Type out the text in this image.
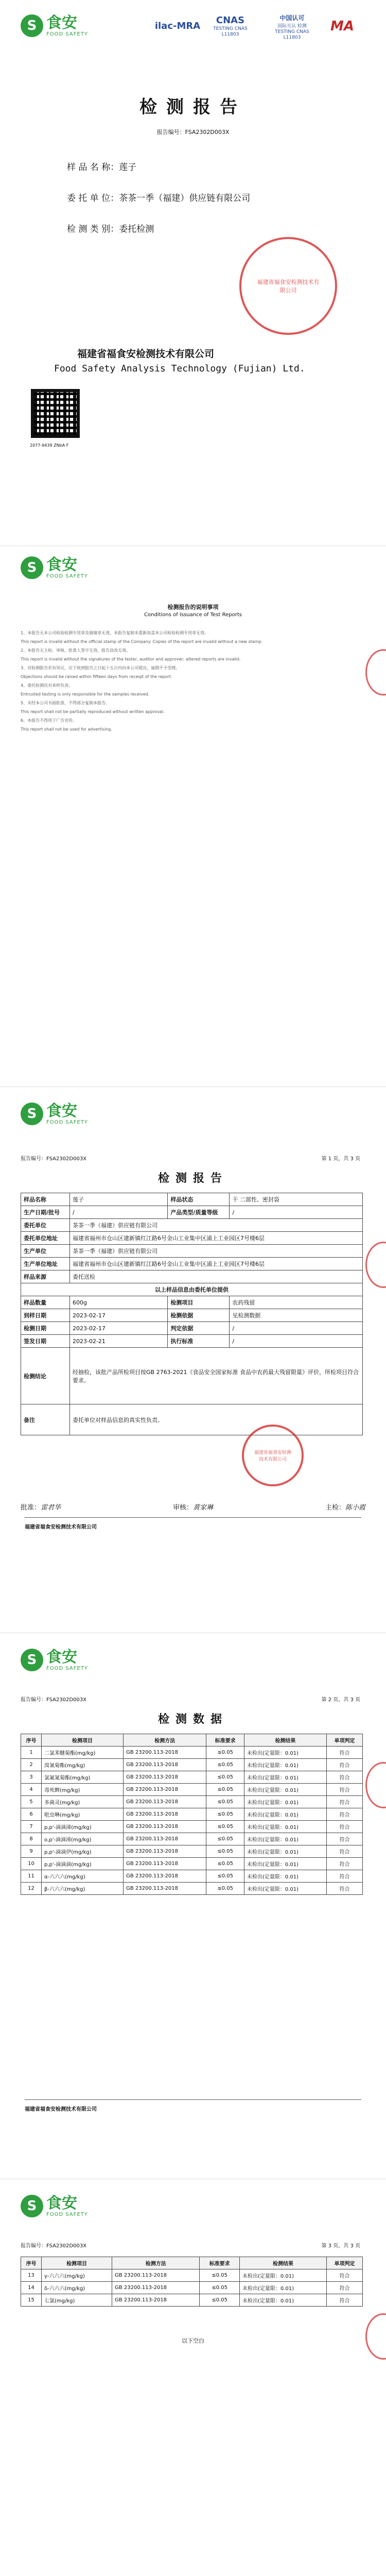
S 食安
FOOD SAFETY
ilac-MRA
CNAS
TESTING CNAS L11803
中国认可
国际互认 检测 TESTING CNAS L11803
MA
检测报告
报告编号：FSA2302D003X
样 品 名 称：莲子
委 托 单 位：茶茶一季（福建）供应链有限公司
检 测 类 别：委托检测
福建省福食安检测技术有限公司
福建省福食安检测技术有限公司
Food Safety Analysis Technology (Fujian) Ltd.
2077-9439 ZNbA F
S 食安
FOOD SAFETY
检测报告的说明事项
Conditions of Issuance of Test Reports
1、本报告无本公司检验检测专用章及骑缝章无效，本报告复制未重新加盖本公司检验检测专用章无效。
This report is invalid without the official stamp of the Company. Copies of the report are invalid without a new stamp.
2、本报告无主检、审核、批准人签字无效，报告涂改无效。
This report is invalid without the signatures of the tester, auditor and approver; altered reports are invalid.
3、对检测报告若有异议，应于收到报告之日起十五日内向本公司提出，逾期不予受理。
Objections should be raised within fifteen days from receipt of the report.
4、委托检测仅对来样负责。
Entrusted testing is only responsible for the samples received.
5、未经本公司书面批准，不得部分复制本报告。
This report shall not be partially reproduced without written approval.
6、本报告不得用于广告宣传。
This report shall not be used for advertising.
S 食安
FOOD SAFETY
报告编号：FSA2302D003X	第 1 页，共 3 页
检测报告
样品名称	莲子	样品状态	干 二部性、密封袋
生产日期/批号	/	产品类型/质量等级	/
委托单位	茶茶一季（福建）供应链有限公司		
委托单位地址	福建省福州市仓山区建新镇红江路6号金山工业集中区浦上工业园区7号楼6层		
生产单位	茶茶一季（福建）供应链有限公司		
生产单位地址	福建省福州市仓山区建新镇红江路6号金山工业集中区浦上工业园区7号楼6层		
样品来源	委托送检		
以上样品信息由委托单位提供			
样品数量	600g	检测项目	农药残留
到样日期	2023-02-17	检测依据	见检测数据
检测日期	2023-02-17	判定依据	/
签发日期	2023-02-21	执行标准	/
检测结论	经抽检，该批产品所检项目按GB 2763-2021《食品安全国家标准 食品中农药最大残留限量》评价，所检项目符合要求。		
备注	委托单位对样品信息的真实性负责。		
福建省福食安检测技术有限公司
批准：雷君华	审核：黄家琳	主检：陈小霞
福建省福食安检测技术有限公司
S 食安
FOOD SAFETY
报告编号：FSA2302D003X	第 2 页，共 3 页
检测数据
序号	检测项目	检测方法	标准要求	检测结果	单项判定
1	二氯苯醚菊酯(mg/kg)	GB 23200.113-2018	≤0.05	未检出(定量限：0.01)	符合
2	溴氰菊酯(mg/kg)	GB 23200.113-2018	≤0.05	未检出(定量限：0.01)	符合
3	氯氟氰菊酯(mg/kg)	GB 23200.113-2018	≤0.05	未检出(定量限：0.01)	符合
4	毒死蜱(mg/kg)	GB 23200.113-2018	≤0.05	未检出(定量限：0.01)	符合
5	多菌灵(mg/kg)	GB 23200.113-2018	≤0.05	未检出(定量限：0.01)	符合
6	吡虫啉(mg/kg)	GB 23200.113-2018	≤0.05	未检出(定量限：0.01)	符合
7	p,p'-滴滴涕(mg/kg)	GB 23200.113-2018	≤0.05	未检出(定量限：0.01)	符合
8	o,p'-滴滴涕(mg/kg)	GB 23200.113-2018	≤0.05	未检出(定量限：0.01)	符合
9	p,p'-滴滴伊(mg/kg)	GB 23200.113-2018	≤0.05	未检出(定量限：0.01)	符合
10	p,p'-滴滴滴(mg/kg)	GB 23200.113-2018	≤0.05	未检出(定量限：0.01)	符合
11	α-六六六(mg/kg)	GB 23200.113-2018	≤0.05	未检出(定量限：0.01)	符合
12	β-六六六(mg/kg)	GB 23200.113-2018	≤0.05	未检出(定量限：0.01)	符合
福建省福食安检测技术有限公司
S 食安
FOOD SAFETY
报告编号：FSA2302D003X	第 3 页，共 3 页
序号	检测项目	检测方法	标准要求	检测结果	单项判定
13	γ-六六六(mg/kg)	GB 23200.113-2018	≤0.05	未检出(定量限：0.01)	符合
14	δ-六六六(mg/kg)	GB 23200.113-2018	≤0.05	未检出(定量限：0.01)	符合
15	七氯(mg/kg)	GB 23200.113-2018	≤0.05	未检出(定量限：0.01)	符合
以下空白
